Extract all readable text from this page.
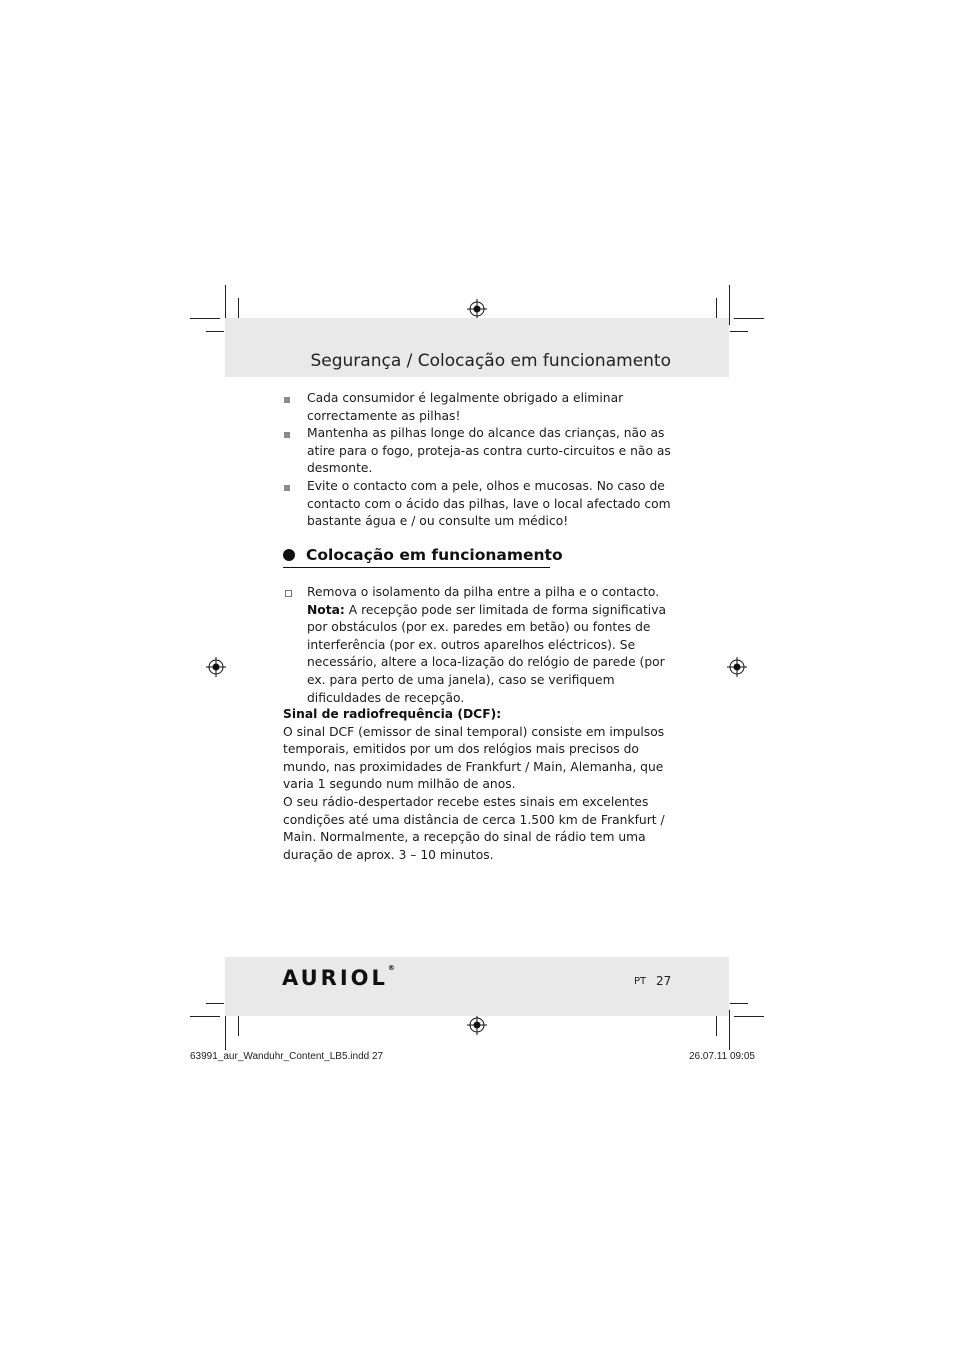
Segurança / Colocação em funcionamento
Cada consumidor é legalmente obrigado a eliminar correctamente as pilhas!
Mantenha as pilhas longe do alcance das crianças, não as atire para o fogo, proteja-as contra curto-circuitos e não as desmonte.
Evite o contacto com a pele, olhos e mucosas. No caso de contacto com o ácido das pilhas, lave o local afectado com bastante água e / ou consulte um médico!
Colocação em funcionamento
Remova o isolamento da pilha entre a pilha e o contacto.
Nota: A recepção pode ser limitada de forma significativa por obstáculos (por ex. paredes em betão) ou fontes de interferência (por ex. outros aparelhos eléctricos). Se necessário, altere a loca-lização do relógio de parede (por ex. para perto de uma janela), caso se verifiquem dificuldades de recepção.
Sinal de radiofrequência (DCF):
O sinal DCF (emissor de sinal temporal) consiste em impulsos temporais, emitidos por um dos relógios mais precisos do mundo, nas proximidades de Frankfurt / Main, Alemanha, que varia 1 segundo num milhão de anos.
O seu rádio-despertador recebe estes sinais em excelentes condições até uma distância de cerca 1.500 km de Frankfurt / Main. Normalmente, a recepção do sinal de rádio tem uma duração de aprox. 3 – 10 minutos.
AURIOL®
PT 27
63991_aur_Wanduhr_Content_LB5.indd 27	26.07.11 09:05
